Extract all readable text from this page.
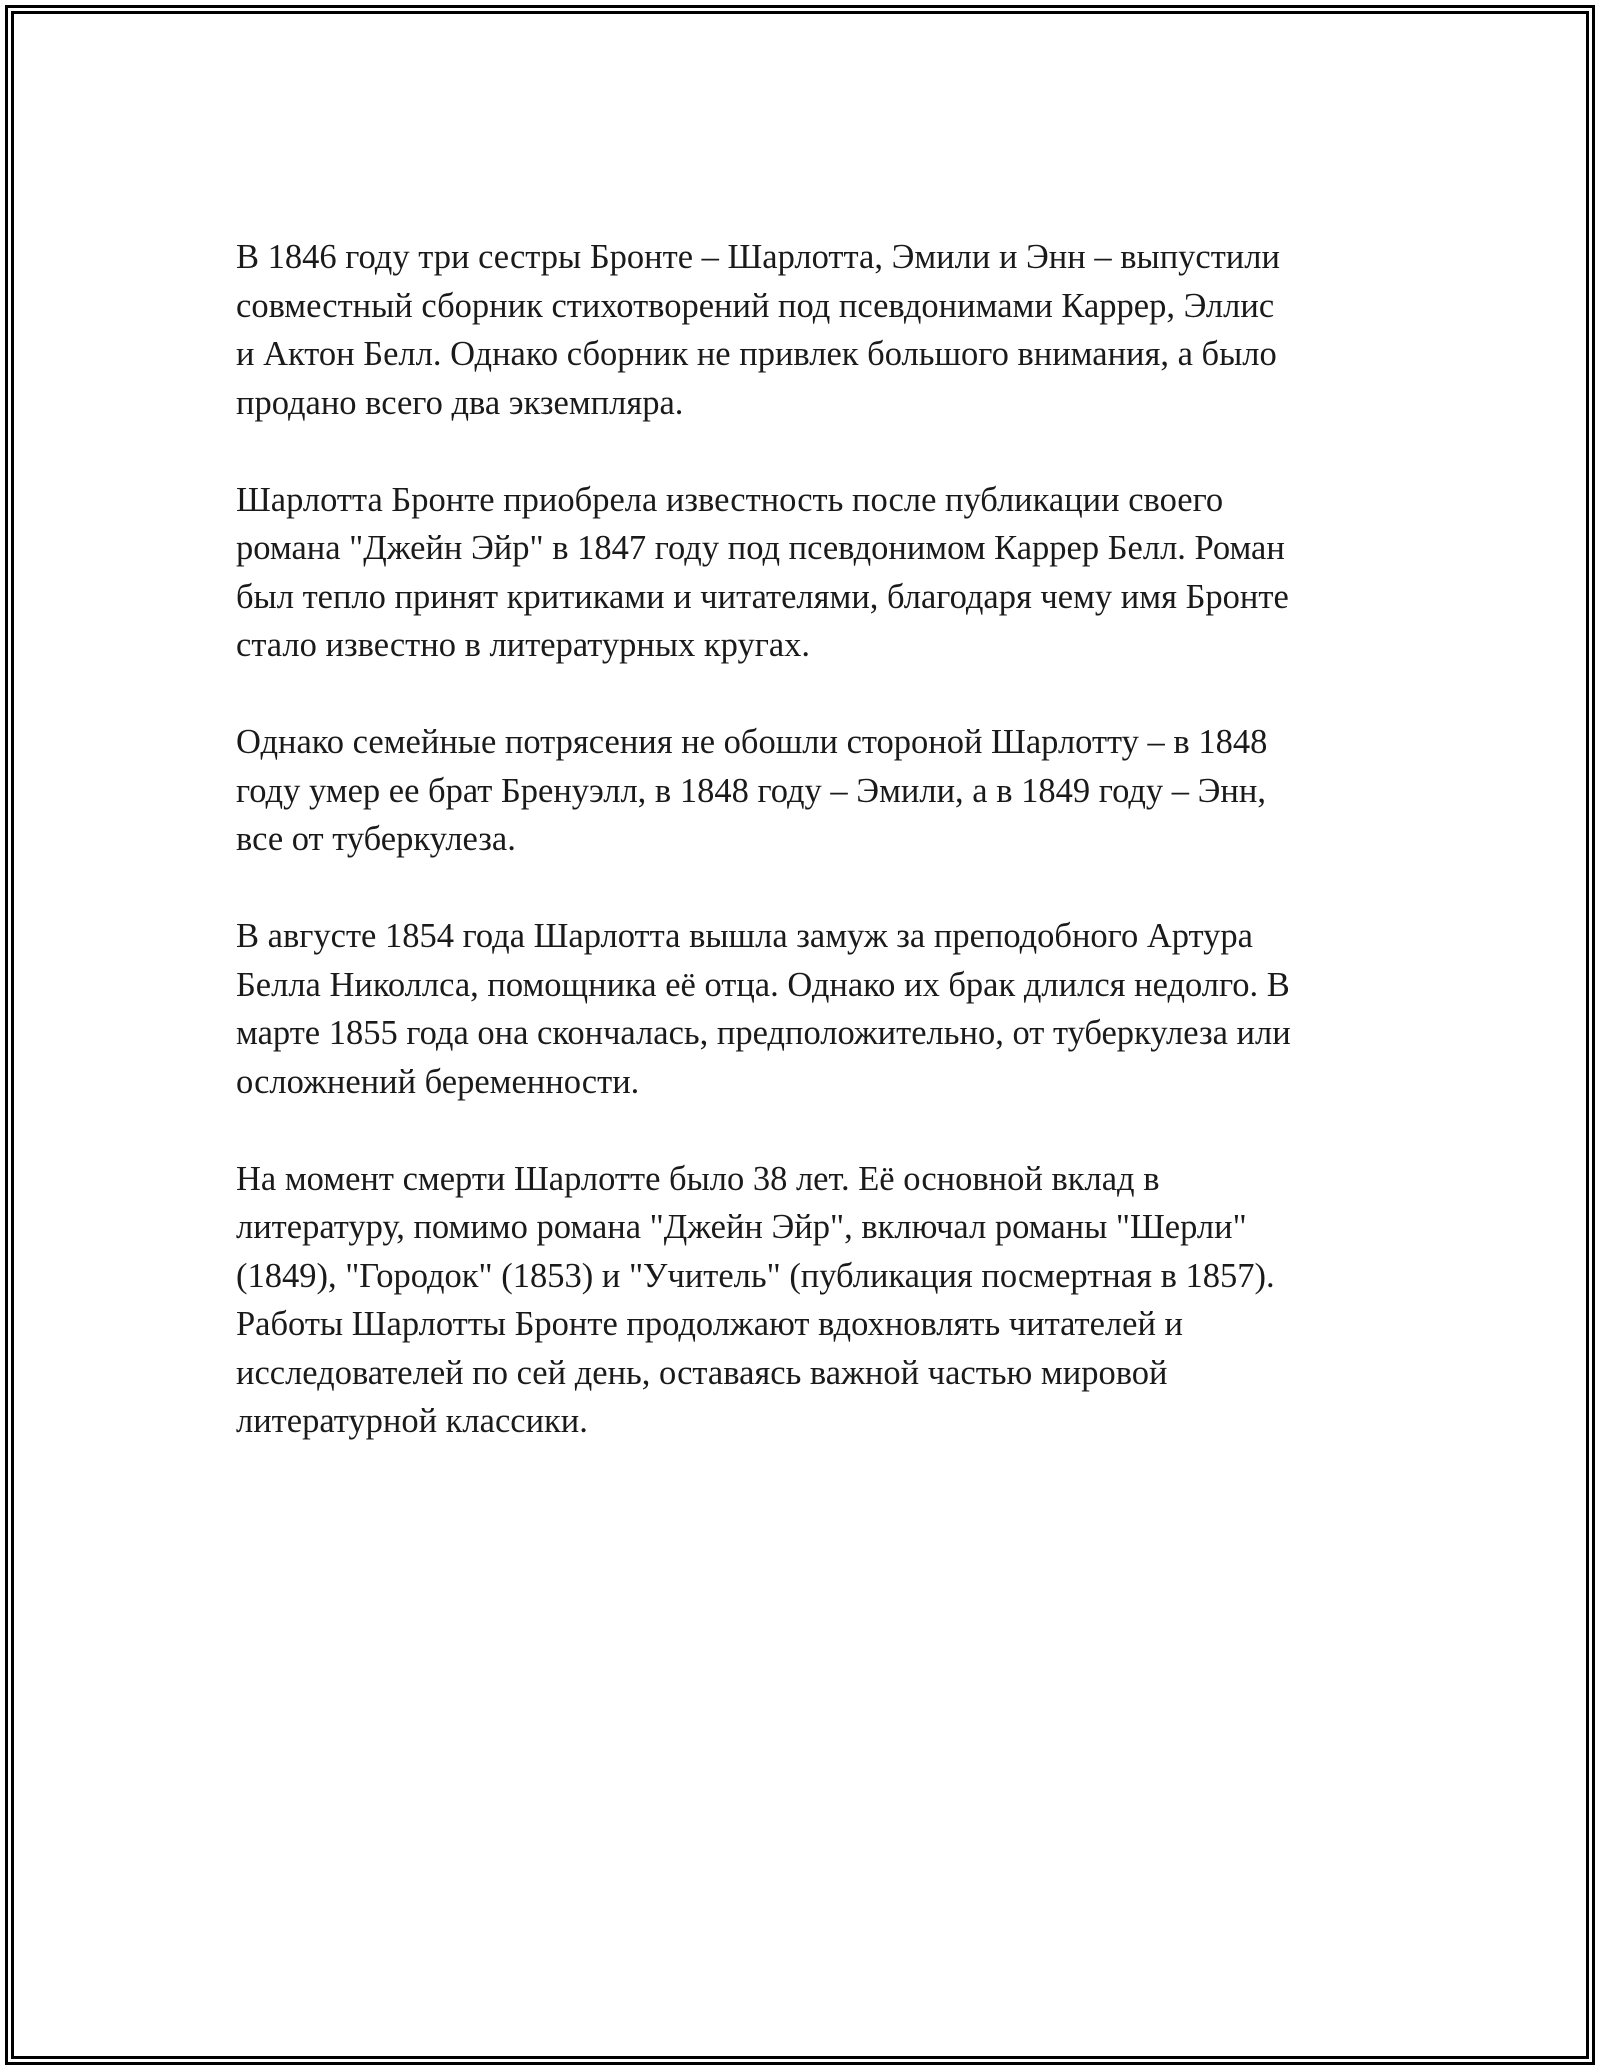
В 1846 году три сестры Бронте – Шарлотта, Эмили и Энн – выпустили
совместный сборник стихотворений под псевдонимами Каррер, Эллис
и Актон Белл. Однако сборник не привлек большого внимания, а было
продано всего два экземпляра.

Шарлотта Бронте приобрела известность после публикации своего
романа "Джейн Эйр" в 1847 году под псевдонимом Каррер Белл. Роман
был тепло принят критиками и читателями, благодаря чему имя Бронте
стало известно в литературных кругах.

Однако семейные потрясения не обошли стороной Шарлотту – в 1848
году умер ее брат Бренуэлл, в 1848 году – Эмили, а в 1849 году – Энн,
все от туберкулеза.

В августе 1854 года Шарлотта вышла замуж за преподобного Артура
Белла Николлса, помощника её отца. Однако их брак длился недолго. В
марте 1855 года она скончалась, предположительно, от туберкулеза или
осложнений беременности.

На момент смерти Шарлотте было 38 лет. Её основной вклад в
литературу, помимо романа "Джейн Эйр", включал романы "Шерли"
(1849), "Городок" (1853) и "Учитель" (публикация посмертная в 1857).
Работы Шарлотты Бронте продолжают вдохновлять читателей и
исследователей по сей день, оставаясь важной частью мировой
литературной классики.
